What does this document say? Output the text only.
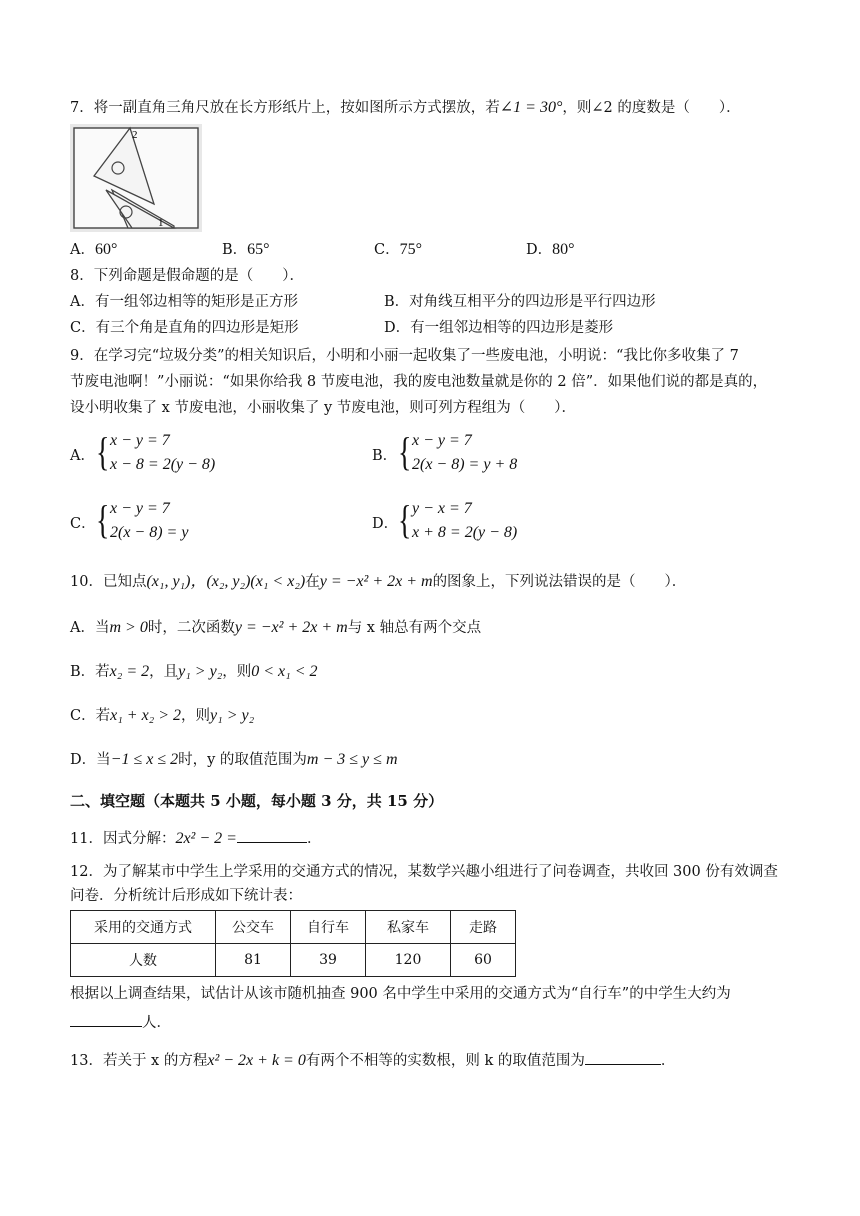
7．将一副直角三角尺放在长方形纸片上，按如图所示方式摆放，若∠1 = 30°，则∠2 的度数是（　　）．
2
1
A．60°	B．65°	C．75°	D．80°
8．下列命题是假命题的是（　　）．
A．有一组邻边相等的矩形是正方形	B．对角线互相平分的四边形是平行四边形
C．有三个角是直角的四边形是矩形	D．有一组邻边相等的四边形是菱形
9．在学习完“垃圾分类”的相关知识后，小明和小丽一起收集了一些废电池，小明说：“我比你多收集了 7
节废电池啊！”小丽说：“如果你给我 8 节废电池，我的废电池数量就是你的 2 倍”．如果他们说的都是真的，
设小明收集了 x 节废电池，小丽收集了 y 节废电池，则可列方程组为（　　）．
A． { x − y = 7
x − 8 = 2(y − 8)	B． { x − y = 7
2(x − 8) = y + 8
C． { x − y = 7
2(x − 8) = y	D． { y − x = 7
x + 8 = 2(y − 8)
10．已知点(x₁, y₁)，(x₂, y₂)(x₁ < x₂)在y = −x² + 2x + m的图象上，下列说法错误的是（　　）．
A．当m > 0时，二次函数y = −x² + 2x + m与 x 轴总有两个交点
B．若x₂ = 2，且y₁ > y₂，则0 < x₁ < 2
C．若x₁ + x₂ > 2，则y₁ > y₂
D．当−1 ≤ x ≤ 2时，y 的取值范围为m − 3 ≤ y ≤ m
二、填空题（本题共 5 小题，每小题 3 分，共 15 分）
11．因式分解：2x² − 2 =	．
12．为了解某市中学生上学采用的交通方式的情况，某数学兴趣小组进行了问卷调查，共收回 300 份有效调查
问卷．分析统计后形成如下统计表：
采用的交通方式	公交车	自行车	私家车	走路
人数	81	39	120	60
根据以上调查结果，试估计从该市随机抽查 900 名中学生中采用的交通方式为“自行车”的中学生大约为
人．
13．若关于 x 的方程x² − 2x + k = 0有两个不相等的实数根，则 k 的取值范围为	．
